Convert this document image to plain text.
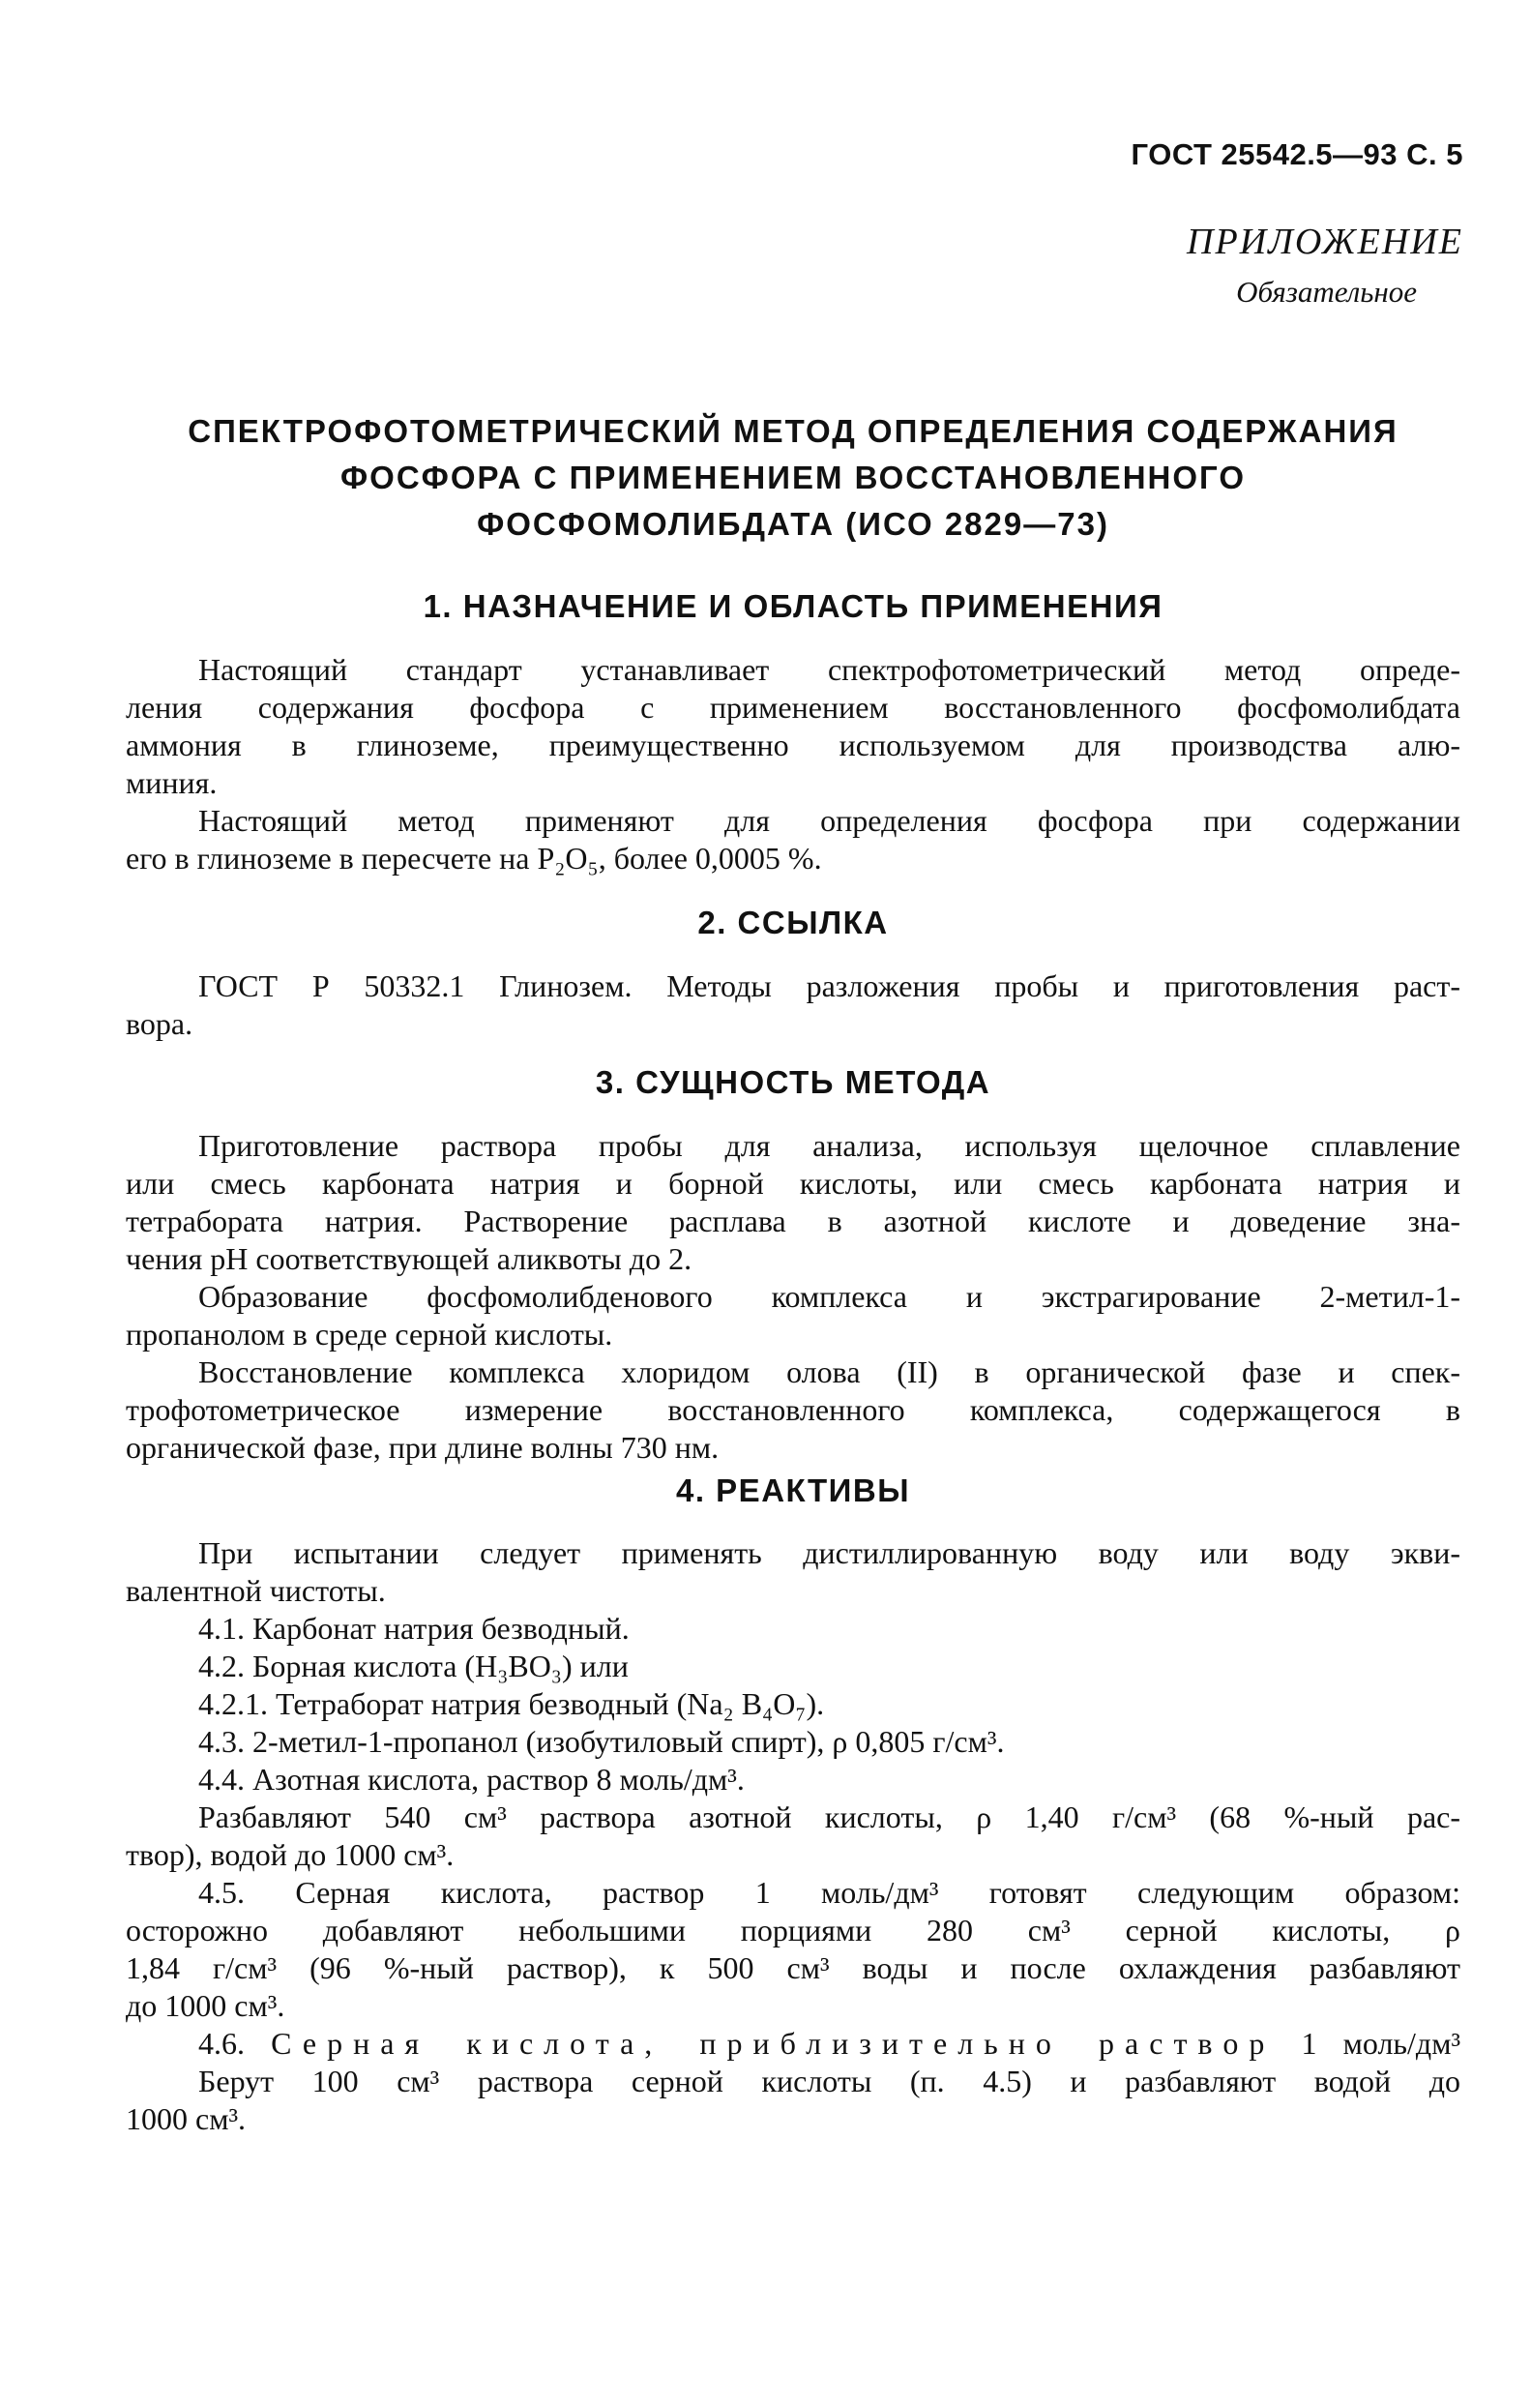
ГОСТ 25542.5—93 С. 5
ПРИЛОЖЕНИЕ
Обязательное
СПЕКТРОФОТОМЕТРИЧЕСКИЙ МЕТОД ОПРЕДЕЛЕНИЯ СОДЕРЖАНИЯ
ФОСФОРА С ПРИМЕНЕНИЕМ ВОССТАНОВЛЕННОГО
ФОСФОМОЛИБДАТА (ИСО 2829—73)
1. НАЗНАЧЕНИЕ И ОБЛАСТЬ ПРИМЕНЕНИЯ

Настоящий стандарт устанавливает спектрофотометрический метод опреде-
ления содержания фосфора с применением восстановленного фосфомолибдата
аммония в глиноземе, преимущественно используемом для производства алю-
миния.

Настоящий метод применяют для определения фосфора при содержании
его в глиноземе в пересчете на P₂O₅, более 0,0005 %.

2. ССЫЛКА

ГОСТ Р 50332.1 Глинозем. Методы разложения пробы и приготовления раст-
вора.

3. СУЩНОСТЬ МЕТОДА

Приготовление раствора пробы для анализа, используя щелочное сплавление
или смесь карбоната натрия и борной кислоты, или смесь карбоната натрия и
тетрабората натрия. Растворение расплава в азотной кислоте и доведение зна-
чения pH соответствующей аликвоты до 2.

Образование фосфомолибденового комплекса и экстрагирование 2-метил-1-
пропанолом в среде серной кислоты.

Восстановление комплекса хлоридом олова (II) в органической фазе и спек-
трофотометрическое измерение восстановленного комплекса, содержащегося в
органической фазе, при длине волны 730 нм.

4. РЕАКТИВЫ

При испытании следует применять дистиллированную воду или воду экви-
валентной чистоты.

4.1. Карбонат натрия безводный.
4.2. Борная кислота (H₃BO₃) или
4.2.1. Тетраборат натрия безводный (Na₂ B₄O₇).
4.3. 2-метил-1-пропанол (изобутиловый спирт), ρ 0,805 г/см³.
4.4. Азотная кислота, раствор 8 моль/дм³.

Разбавляют 540 см³ раствора азотной кислоты, ρ 1,40 г/см³ (68 %-ный рас-
твор), водой до 1000 см³.

4.5. Серная кислота, раствор 1 моль/дм³ готовят следующим образом:
осторожно добавляют небольшими порциями 280 см³ серной кислоты, ρ
1,84 г/см³ (96 %-ный раствор), к 500 см³ воды и после охлаждения разбавляют
до 1000 см³.

4.6. Серная кислота, приблизительно раствор 1 моль/дм³
Берут 100 см³ раствора серной кислоты (п. 4.5) и разбавляют водой до
1000 см³.
